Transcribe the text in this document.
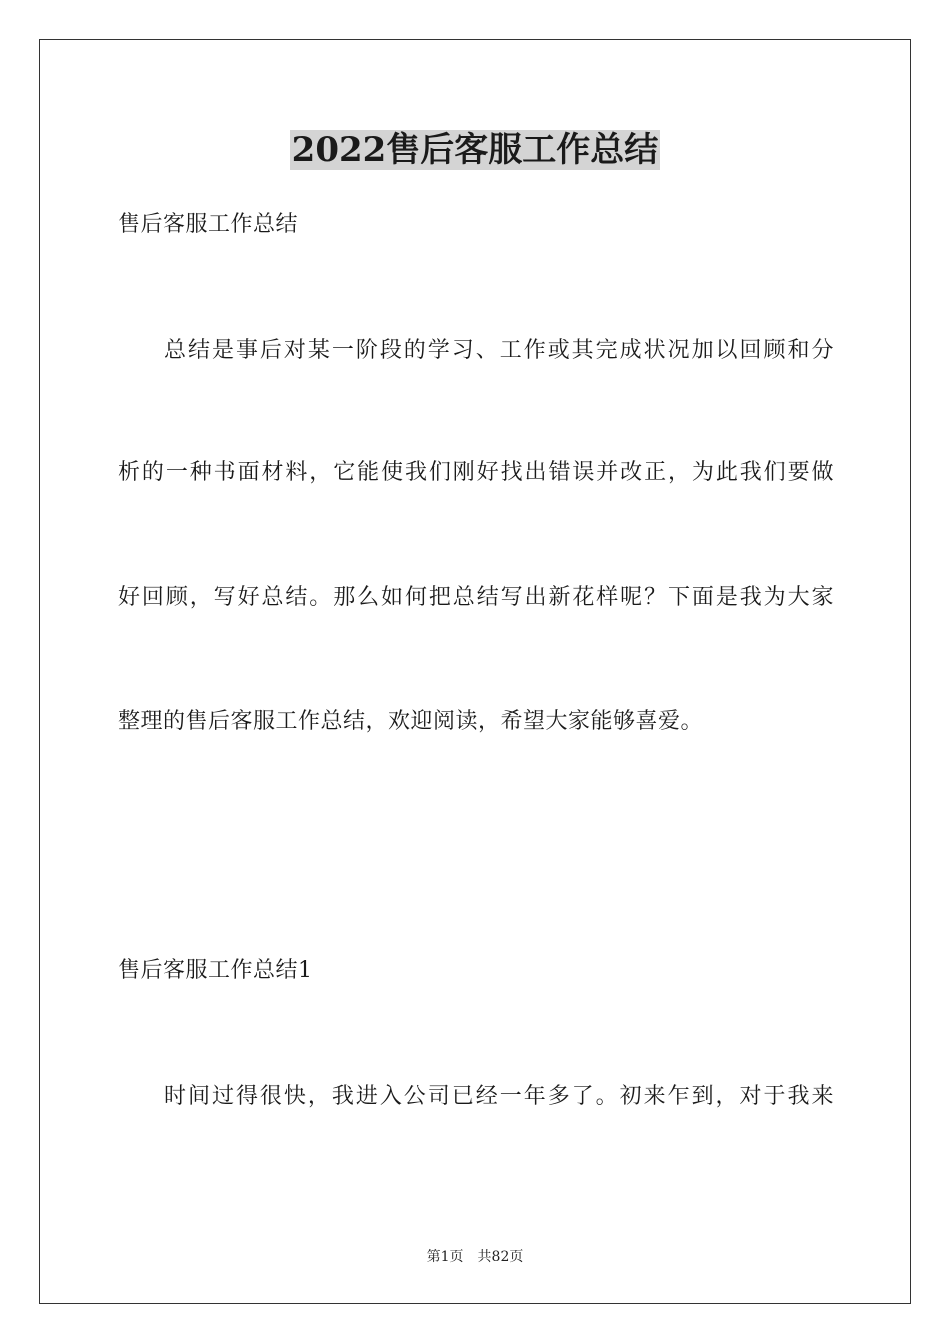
2022售后客服工作总结
售后客服工作总结
总结是事后对某一阶段的学习、工作或其完成状况加以回顾和分
析的一种书面材料，它能使我们刚好找出错误并改正，为此我们要做
好回顾，写好总结。那么如何把总结写出新花样呢？下面是我为大家
整理的售后客服工作总结，欢迎阅读，希望大家能够喜爱。
售后客服工作总结1
时间过得很快，我进入公司已经一年多了。初来乍到，对于我来
第1页 共82页
